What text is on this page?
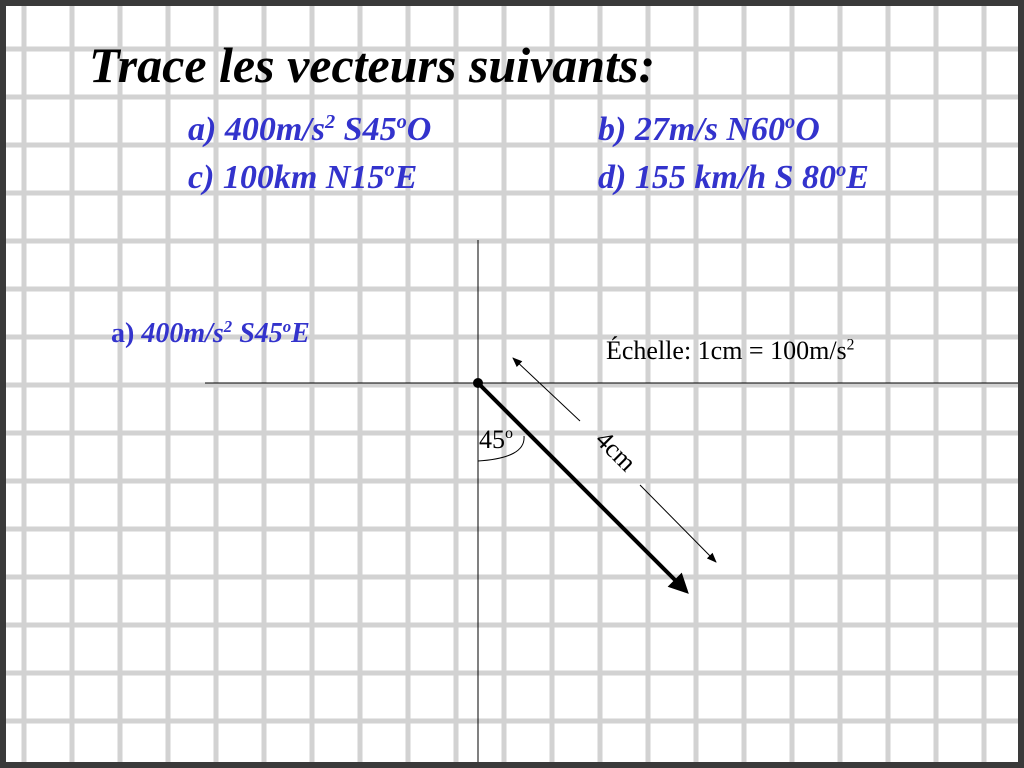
Trace les vecteurs suivants:
a) $400m/s^2$ S45$^o$O	b) 27m/s N60$^o$O
c) 100km N15$^o$E	d) 155 km/h S 80$^o$E
a) $400m/s^2$ S45$^o$E
Échelle: $1cm = 100m/s^2$
45$^o$	4cm
